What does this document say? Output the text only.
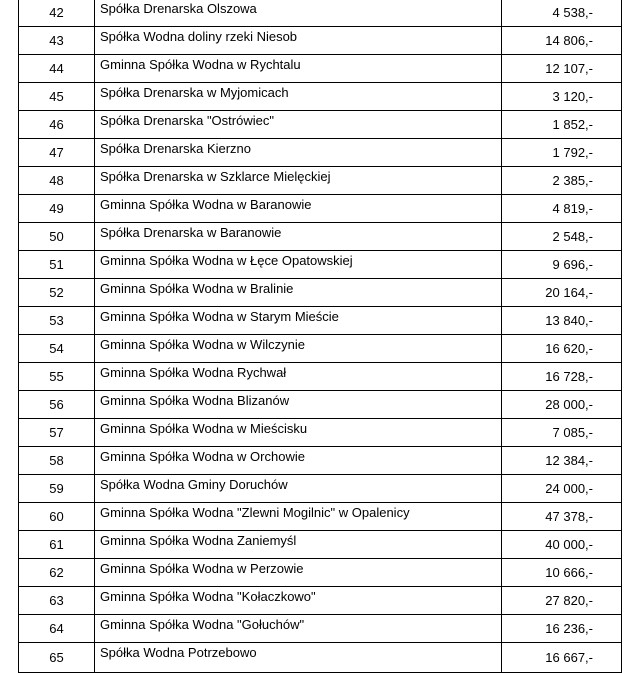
42	Spółka Drenarska Olszowa	4 538,-
43	Spółka Wodna doliny rzeki Niesob	14 806,-
44	Gminna Spółka Wodna w Rychtalu	12 107,-
45	Spółka Drenarska w Myjomicach	3 120,-
46	Spółka Drenarska "Ostrówiec"	1 852,-
47	Spółka Drenarska Kierzno	1 792,-
48	Spółka Drenarska w Szklarce Mielęckiej	2 385,-
49	Gminna Spółka Wodna w Baranowie	4 819,-
50	Spółka Drenarska w Baranowie	2 548,-
51	Gminna Spółka Wodna w Łęce Opatowskiej	9 696,-
52	Gminna Spółka Wodna w Bralinie	20 164,-
53	Gminna Spółka Wodna w Starym Mieście	13 840,-
54	Gminna Spółka Wodna w Wilczynie	16 620,-
55	Gminna Spółka Wodna Rychwał	16 728,-
56	Gminna Spółka Wodna Blizanów	28 000,-
57	Gminna Spółka Wodna w Mieścisku	7 085,-
58	Gminna Spółka Wodna w Orchowie	12 384,-
59	Spółka Wodna Gminy Doruchów	24 000,-
60	Gminna Spółka Wodna "Zlewni Mogilnic" w Opalenicy	47 378,-
61	Gminna Spółka Wodna Zaniemyśl	40 000,-
62	Gminna Spółka Wodna w Perzowie	10 666,-
63	Gminna Spółka Wodna "Kołaczkowo"	27 820,-
64	Gminna Spółka Wodna "Gołuchów"	16 236,-
65	Spółka Wodna Potrzebowo	16 667,-
